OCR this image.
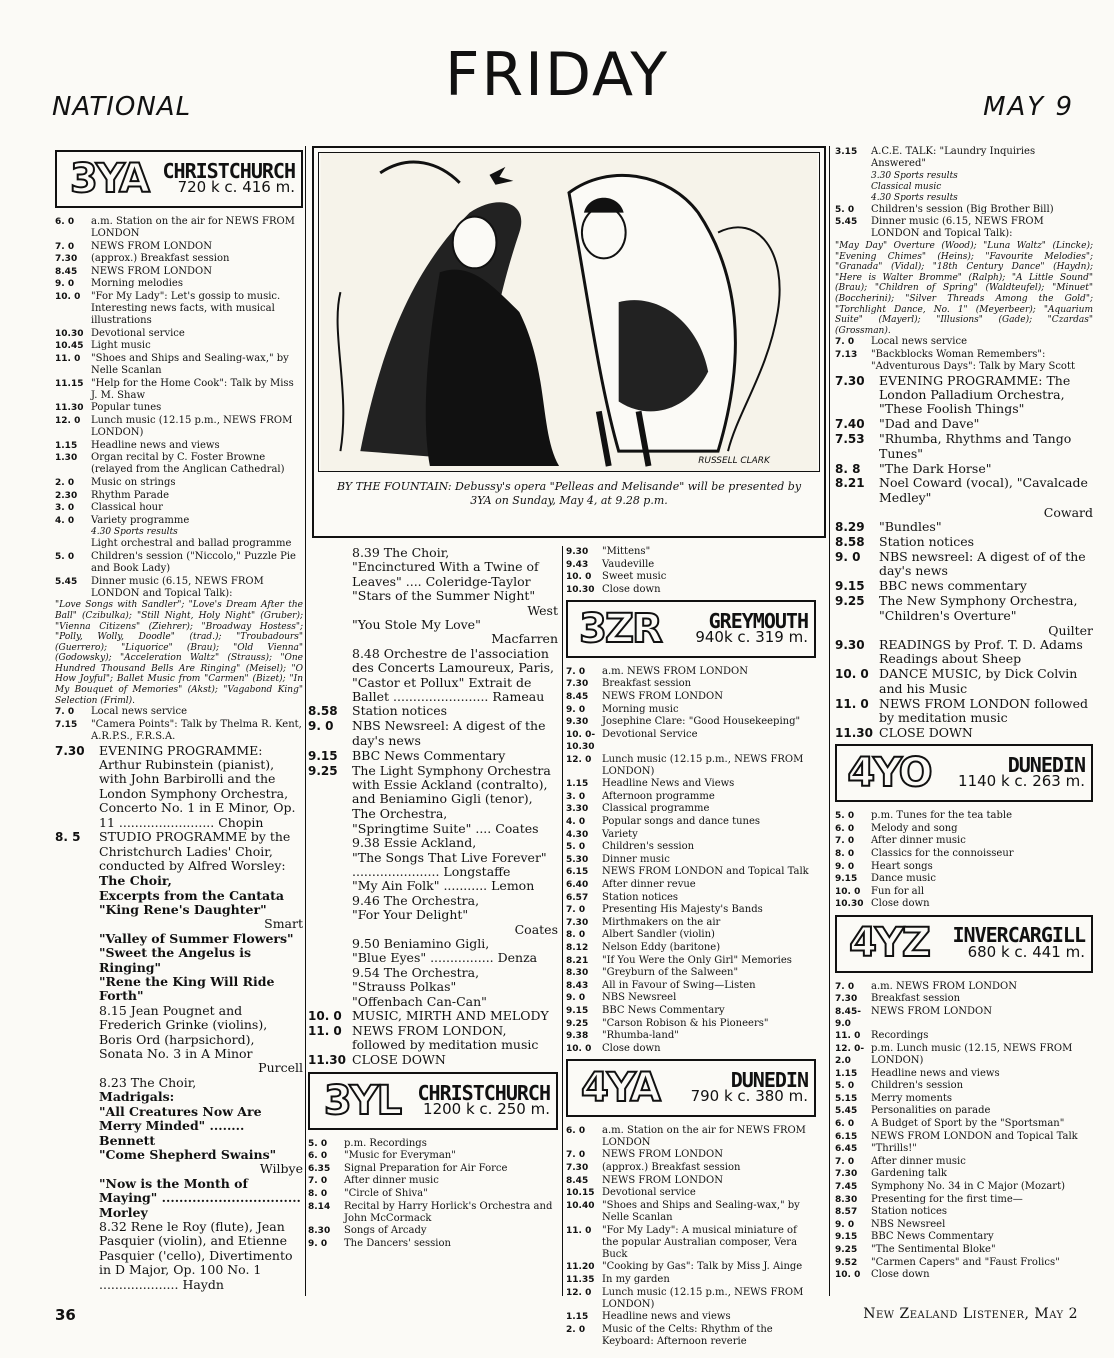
NATIONAL	FRIDAY	MAY 9
3YA CHRISTCHURCH
720 k c. 416 m.
6. 0	a.m. Station on the air for NEWS FROM LONDON
7. 0	NEWS FROM LONDON
7.30	(approx.) Breakfast session
8.45	NEWS FROM LONDON
9. 0	Morning melodies
10. 0	"For My Lady": Let's gossip to music. Interesting news facts, with musical illustrations
10.30 Devotional service
10.45 Light music
11. 0	"Shoes and Ships and Sealing-wax," by Nelle Scanlan
11.15 "Help for the Home Cook": Talk by Miss J. M. Shaw
11.30 Popular tunes
12. 0	Lunch music (12.15 p.m., NEWS FROM LONDON)
1.15	Headline news and views
1.30	Organ recital by C. Foster Browne (relayed from the Anglican Cathedral)
2. 0	Music on strings
2.30	Rhythm Parade
3. 0	Classical hour
4. 0	Variety programme
4.30 Sports results
Light orchestral and ballad programme
5. 0	Children's session ("Niccolo," Puzzle Pie and Book Lady)
5.45	Dinner music (6.15, NEWS FROM LONDON and Topical Talk):
"Love Songs with Sandler"; "Love's Dream After the Ball" (Czibulka); "Still Night, Holy Night" (Gruber); "Vienna Citizens" (Ziehrer); "Broadway Hostess"; "Polly, Wolly, Doodle" (trad.); "Troubadours" (Guerrero); "Liquorice" (Brau); "Old Vienna" (Godowsky); "Acceleration Waltz" (Strauss); "One Hundred Thousand Bells Are Ringing" (Meisel); "O How Joyful"; Ballet Music from "Carmen" (Bizet); "In My Bouquet of Memories" (Akst); "Vagabond King" Selection (Friml).
7. 0	Local news service
7.15	"Camera Points": Talk by Thelma R. Kent, A.R.P.S., F.R.S.A.
7.30	EVENING PROGRAMME: Arthur Rubinstein (pianist), with John Barbirolli and the London Symphony Orchestra, Concerto No. 1 in E Minor, Op. 11 ........................ Chopin
8. 5	STUDIO PROGRAMME by the Christchurch Ladies' Choir, conducted by Alfred Worsley:
The Choir,
Excerpts from the Cantata
"King Rene's Daughter"
Smart
"Valley of Summer Flowers"
"Sweet the Angelus is Ringing"
"Rene the King Will Ride Forth"
8.15 Jean Pougnet and Frederich Grinke (violins), Boris Ord (harpsichord),
Sonata No. 3 in A Minor
Purcell
8.23 The Choir,
Madrigals:
"All Creatures Now Are Merry Minded" ........ Bennett
"Come Shepherd Swains"
Wilbye
"Now is the Month of Maying" ................................ Morley
8.32 Rene le Roy (flute), Jean Pasquier (violin), and Etienne Pasquier ('cello), Divertimento in D Major, Op. 100 No. 1 .................... Haydn
RUSSELL CLARK
BY THE FOUNTAIN: Debussy's opera "Pelleas and Melisande" will be presented by 3YA on Sunday, May 4, at 9.28 p.m.
8.39 The Choir,
"Encinctured With a Twine of Leaves" .... Coleridge-Taylor
"Stars of the Summer Night"
West
"You Stole My Love"
Macfarren
8.48 Orchestre de l'association des Concerts Lamoureux, Paris,
"Castor et Pollux" Extrait de Ballet ........................ Rameau
8.58	Station notices
9. 0	NBS Newsreel: A digest of the day's news
9.15	BBC News Commentary
9.25	The Light Symphony Orchestra with Essie Ackland (contralto), and Beniamino Gigli (tenor),
The Orchestra,
"Springtime Suite" .... Coates
9.38 Essie Ackland,
"The Songs That Live Forever" ...................... Longstaffe
"My Ain Folk" ........... Lemon
9.46 The Orchestra,
"For Your Delight"
Coates
9.50 Beniamino Gigli,
"Blue Eyes" ................ Denza
9.54 The Orchestra,
"Strauss Polkas"
"Offenbach Can-Can"
10. 0 MUSIC, MIRTH AND MELODY
11. 0 NEWS FROM LONDON, followed by meditation music
11.30 CLOSE DOWN
3YL CHRISTCHURCH
1200 k c. 250 m.
5. 0	p.m. Recordings
6. 0	"Music for Everyman"
6.35	Signal Preparation for Air Force
7. 0	After dinner music
8. 0	"Circle of Shiva"
8.14	Recital by Harry Horlick's Orchestra and John McCormack
8.30	Songs of Arcady
9. 0	The Dancers' session
9.30	"Mittens"
9.43	Vaudeville
10. 0	Sweet music
10.30 Close down
3ZR	GREYMOUTH
940k c. 319 m.
7. 0	a.m. NEWS FROM LONDON
7.30	Breakfast session
8.45	NEWS FROM LONDON
9. 0	Morning music
9.30	Josephine Clare: "Good Housekeeping"
10. 0-10.30
Devotional Service
12. 0	Lunch music (12.15 p.m., NEWS FROM LONDON)
1.15	Headline News and Views
3. 0	Afternoon programme
3.30	Classical programme
4. 0	Popular songs and dance tunes
4.30	Variety
5. 0	Children's session
5.30	Dinner music
6.15	NEWS FROM LONDON and Topical Talk
6.40	After dinner revue
6.57	Station notices
7. 0	Presenting His Majesty's Bands
7.30	Mirthmakers on the air
8. 0	Albert Sandler (violin)
8.12	Nelson Eddy (baritone)
8.21	"If You Were the Only Girl" Memories
8.30	"Greyburn of the Salween"
8.43	All in Favour of Swing—Listen
9. 0	NBS Newsreel
9.15	BBC News Commentary
9.25	"Carson Robison & his Pioneers"
9.38	"Rhumba-land"
10. 0	Close down
4YA	DUNEDIN
790 k c. 380 m.
6. 0	a.m. Station on the air for NEWS FROM LONDON
7. 0	NEWS FROM LONDON
7.30	(approx.) Breakfast session
8.45	NEWS FROM LONDON
10.15 Devotional service
10.40 "Shoes and Ships and Sealing-wax," by Nelle Scanlan
11. 0	"For My Lady": A musical miniature of the popular Australian composer, Vera Buck
11.20 "Cooking by Gas": Talk by Miss J. Ainge
11.35 In my garden
12. 0	Lunch music (12.15 p.m., NEWS FROM LONDON)
1.15	Headline news and views
2. 0	Music of the Celts: Rhythm of the Keyboard: Afternoon reverie
3.15	A.C.E. TALK: "Laundry Inquiries Answered"
3.30 Sports results
Classical music
4.30 Sports results
5. 0	Children's session (Big Brother Bill)
5.45	Dinner music (6.15, NEWS FROM LONDON and Topical Talk):
"May Day" Overture (Wood); "Luna Waltz" (Lincke); "Evening Chimes" (Heins); "Favourite Melodies"; "Granada" (Vidal); "18th Century Dance" (Haydn); "Here is Walter Bromme" (Ralph); "A Little Sound" (Brau); "Children of Spring" (Waldteufel); "Minuet" (Boccherini); "Silver Threads Among the Gold"; "Torchlight Dance, No. 1" (Meyerbeer); "Aquarium Suite" (Mayerl); "Illusions" (Gade); "Czardas" (Grossman).
7. 0	Local news service
7.13	"Backblocks Woman Remembers": "Adventurous Days": Talk by Mary Scott
7.30	EVENING PROGRAMME: The London Palladium Orchestra, "These Foolish Things"
7.40	"Dad and Dave"
7.53	"Rhumba, Rhythms and Tango Tunes"
8. 8	"The Dark Horse"
8.21	Noel Coward (vocal), "Cavalcade Medley"
Coward
8.29	"Bundles"
8.58	Station notices
9. 0	NBS newsreel: A digest of of the day's news
9.15	BBC news commentary
9.25	The New Symphony Orchestra, "Children's Overture"
Quilter
9.30	READINGS by Prof. T. D. Adams Readings about Sheep
10. 0 DANCE MUSIC, by Dick Colvin and his Music
11. 0 NEWS FROM LONDON followed by meditation music
11.30 CLOSE DOWN
4YO	DUNEDIN
1140 k c. 263 m.
5. 0	p.m. Tunes for the tea table
6. 0	Melody and song
7. 0	After dinner music
8. 0	Classics for the connoisseur
9. 0	Heart songs
9.15	Dance music
10. 0	Fun for all
10.30 Close down
4YZ	INVERCARGILL
680 k c. 441 m.
7. 0	a.m. NEWS FROM LONDON
7.30	Breakfast session
8.45-9.0
NEWS FROM LONDON
11. 0	Recordings
12. 0-2.0
p.m. Lunch music (12.15, NEWS FROM LONDON)
1.15	Headline news and views
5. 0	Children's session
5.15	Merry moments
5.45	Personalities on parade
6. 0	A Budget of Sport by the "Sportsman"
6.15	NEWS FROM LONDON and Topical Talk
6.45	"Thrills!"
7. 0	After dinner music
7.30	Gardening talk
7.45	Symphony No. 34 in C Major (Mozart)
8.30	Presenting for the first time—
8.57	Station notices
9. 0	NBS Newsreel
9.15	BBC News Commentary
9.25	"The Sentimental Bloke"
9.52	"Carmen Capers" and "Faust Frolics"
10. 0	Close down
36	New Zealand Listener, May 2
